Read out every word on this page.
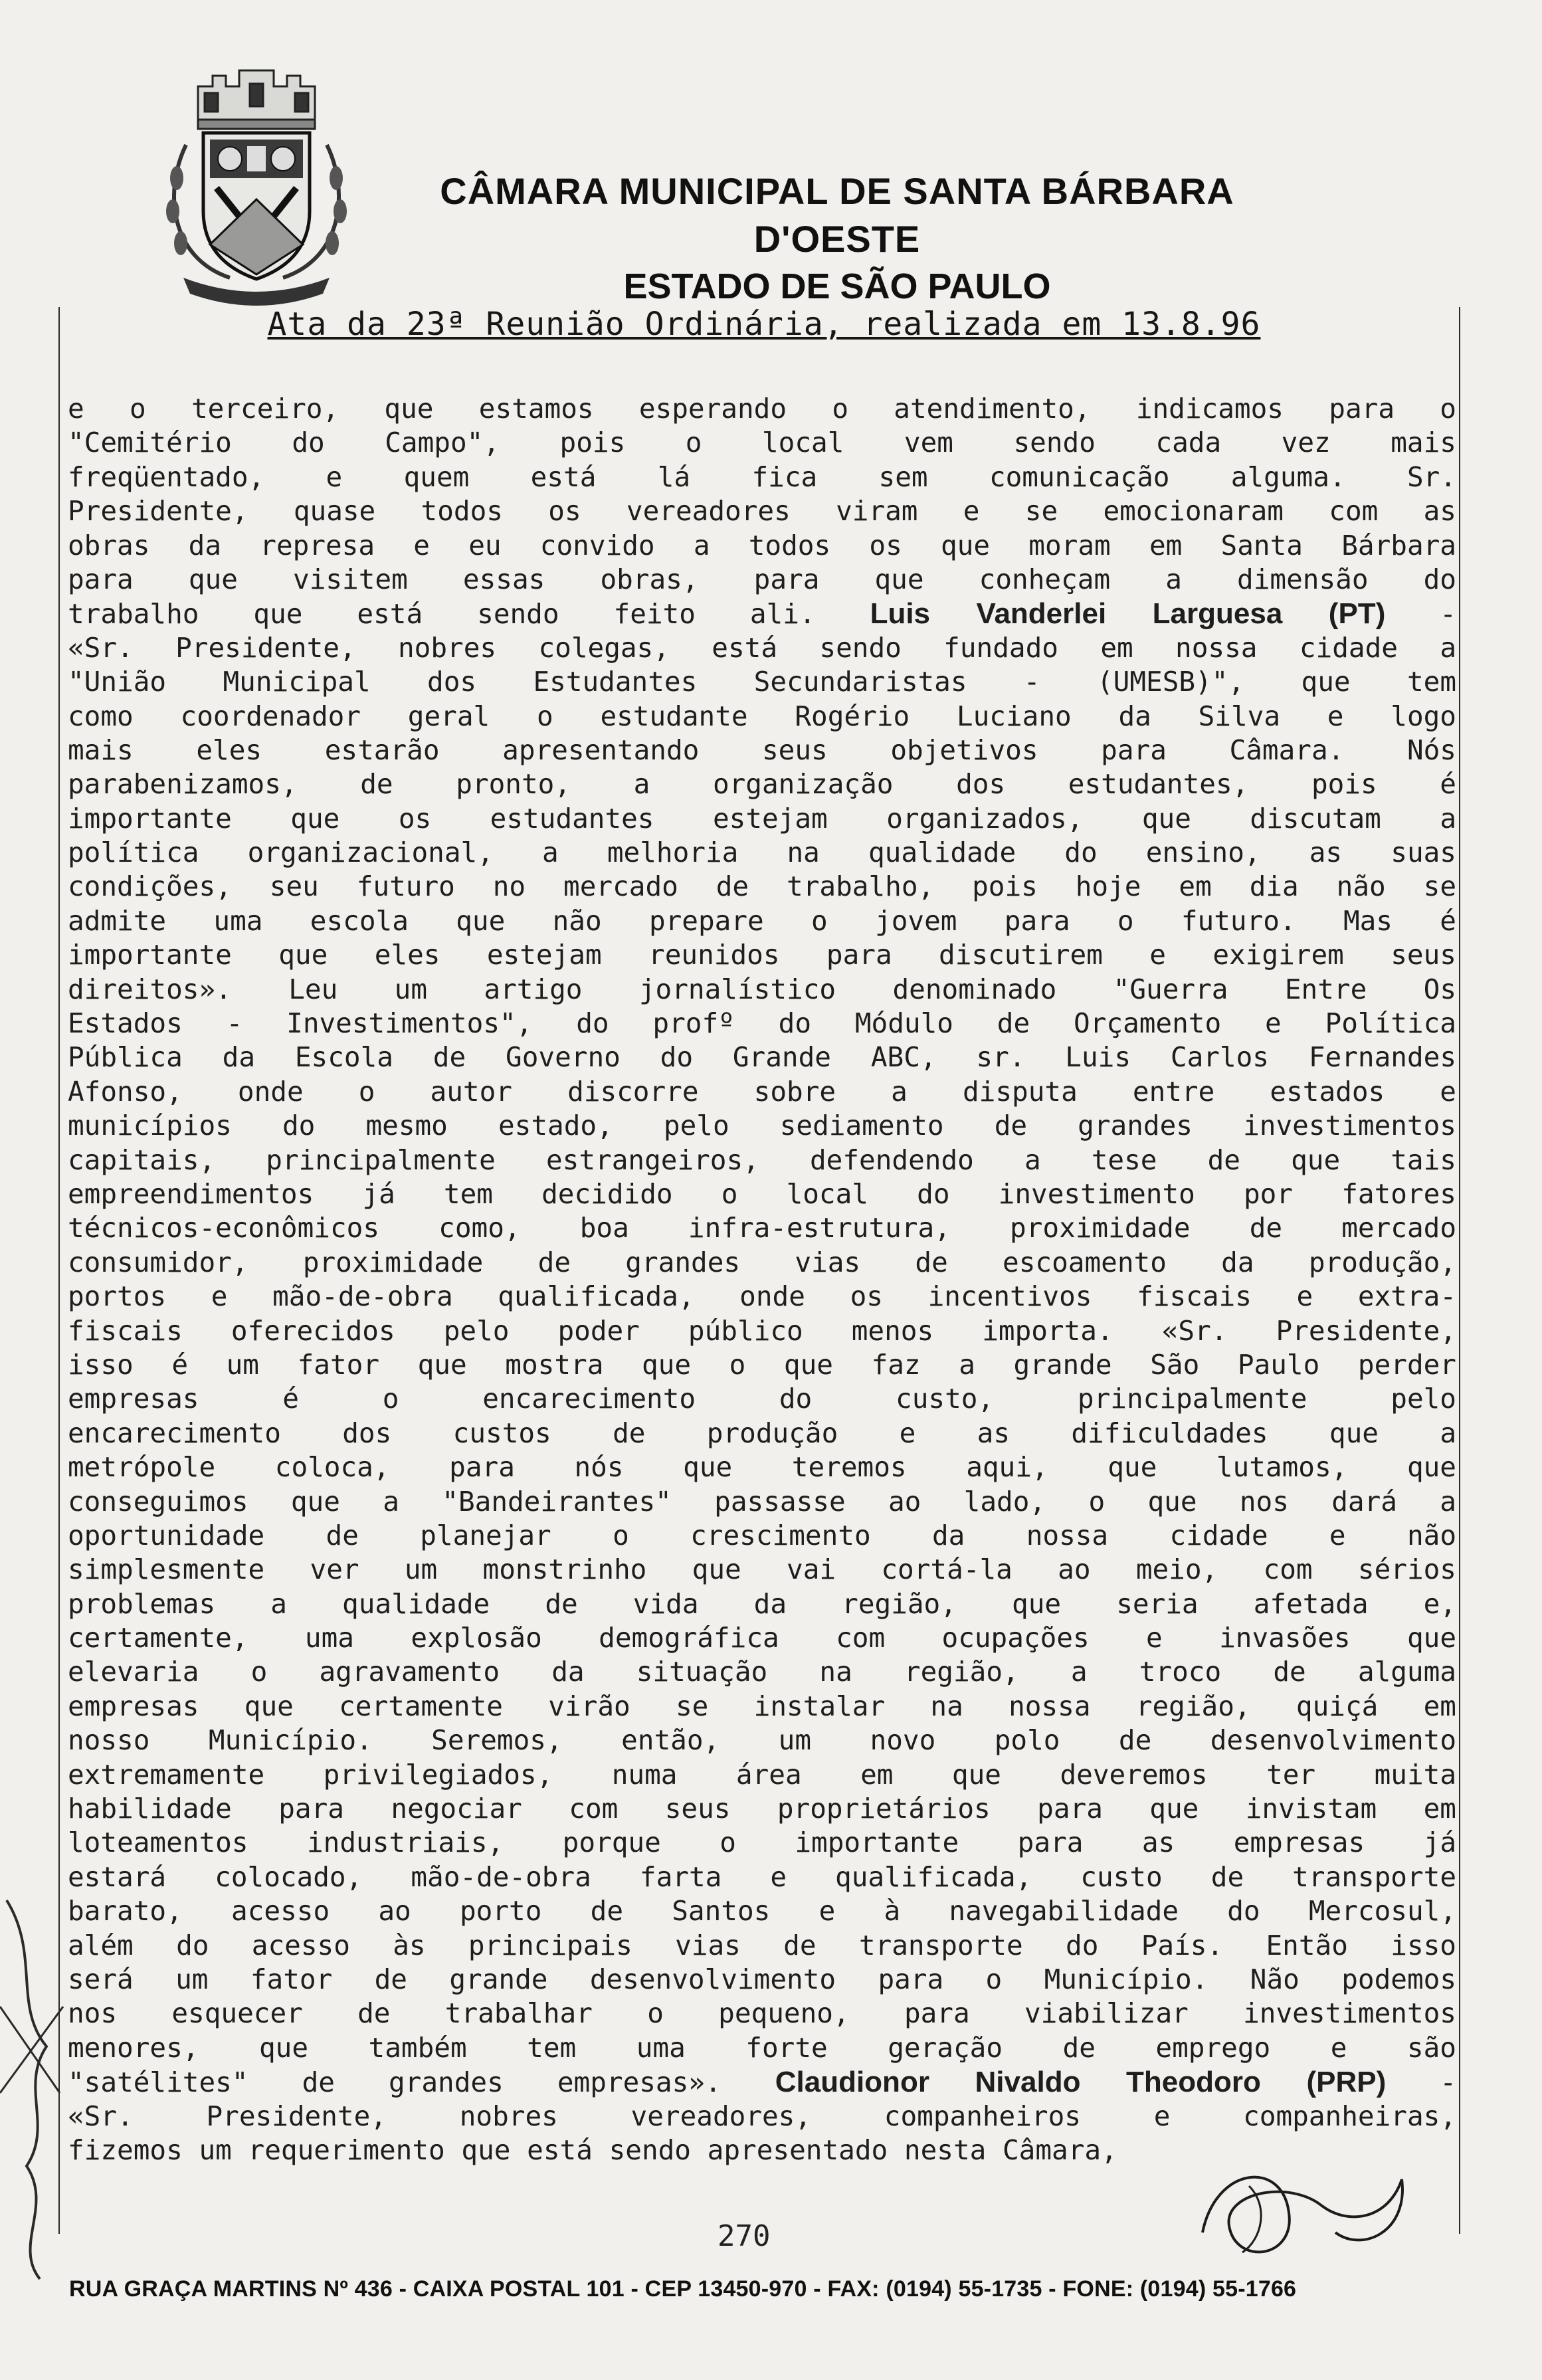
CÂMARA MUNICIPAL DE SANTA BÁRBARA D'OESTE
ESTADO DE SÃO PAULO
Ata da 23ª Reunião Ordinária, realizada em 13.8.96
e o terceiro, que estamos esperando o atendimento, indicamos para o
"Cemitério do Campo", pois o local vem sendo cada vez mais
freqüentado, e quem está lá fica sem comunicação alguma. Sr.
Presidente, quase todos os vereadores viram e se emocionaram com as
obras da represa e eu convido a todos os que moram em Santa Bárbara
para que visitem essas obras, para que conheçam a dimensão do
trabalho que está sendo feito ali. Luis Vanderlei Larguesa (PT) -
«Sr. Presidente, nobres colegas, está sendo fundado em nossa cidade a
"União Municipal dos Estudantes Secundaristas - (UMESB)", que tem
como coordenador geral o estudante Rogério Luciano da Silva e logo
mais eles estarão apresentando seus objetivos para Câmara. Nós
parabenizamos, de pronto, a organização dos estudantes, pois é
importante que os estudantes estejam organizados, que discutam a
política organizacional, a melhoria na qualidade do ensino, as suas
condições, seu futuro no mercado de trabalho, pois hoje em dia não se
admite uma escola que não prepare o jovem para o futuro. Mas é
importante que eles estejam reunidos para discutirem e exigirem seus
direitos». Leu um artigo jornalístico denominado "Guerra Entre Os
Estados - Investimentos", do profº do Módulo de Orçamento e Política
Pública da Escola de Governo do Grande ABC, sr. Luis Carlos Fernandes
Afonso, onde o autor discorre sobre a disputa entre estados e
municípios do mesmo estado, pelo sediamento de grandes investimentos
capitais, principalmente estrangeiros, defendendo a tese de que tais
empreendimentos já tem decidido o local do investimento por fatores
técnicos-econômicos como, boa infra-estrutura, proximidade de mercado
consumidor, proximidade de grandes vias de escoamento da produção,
portos e mão-de-obra qualificada, onde os incentivos fiscais e extra-
fiscais oferecidos pelo poder público menos importa. «Sr. Presidente,
isso é um fator que mostra que o que faz a grande São Paulo perder
empresas é o encarecimento do custo, principalmente pelo
encarecimento dos custos de produção e as dificuldades que a
metrópole coloca, para nós que teremos aqui, que lutamos, que
conseguimos que a "Bandeirantes" passasse ao lado, o que nos dará a
oportunidade de planejar o crescimento da nossa cidade e não
simplesmente ver um monstrinho que vai cortá-la ao meio, com sérios
problemas a qualidade de vida da região, que seria afetada e,
certamente, uma explosão demográfica com ocupações e invasões que
elevaria o agravamento da situação na região, a troco de alguma
empresas que certamente virão se instalar na nossa região, quiçá em
nosso Município. Seremos, então, um novo polo de desenvolvimento
extremamente privilegiados, numa área em que deveremos ter muita
habilidade para negociar com seus proprietários para que invistam em
loteamentos industriais, porque o importante para as empresas já
estará colocado, mão-de-obra farta e qualificada, custo de transporte
barato, acesso ao porto de Santos e à navegabilidade do Mercosul,
além do acesso às principais vias de transporte do País. Então isso
será um fator de grande desenvolvimento para o Município. Não podemos
nos esquecer de trabalhar o pequeno, para viabilizar investimentos
menores, que também tem uma forte geração de emprego e são
"satélites" de grandes empresas». Claudionor Nivaldo Theodoro (PRP) -
«Sr. Presidente, nobres vereadores, companheiros e companheiras,
fizemos um requerimento que está sendo apresentado nesta Câmara,
270
RUA GRAÇA MARTINS Nº 436 - CAIXA POSTAL 101 - CEP 13450-970 - FAX: (0194) 55-1735 - FONE: (0194) 55-1766
